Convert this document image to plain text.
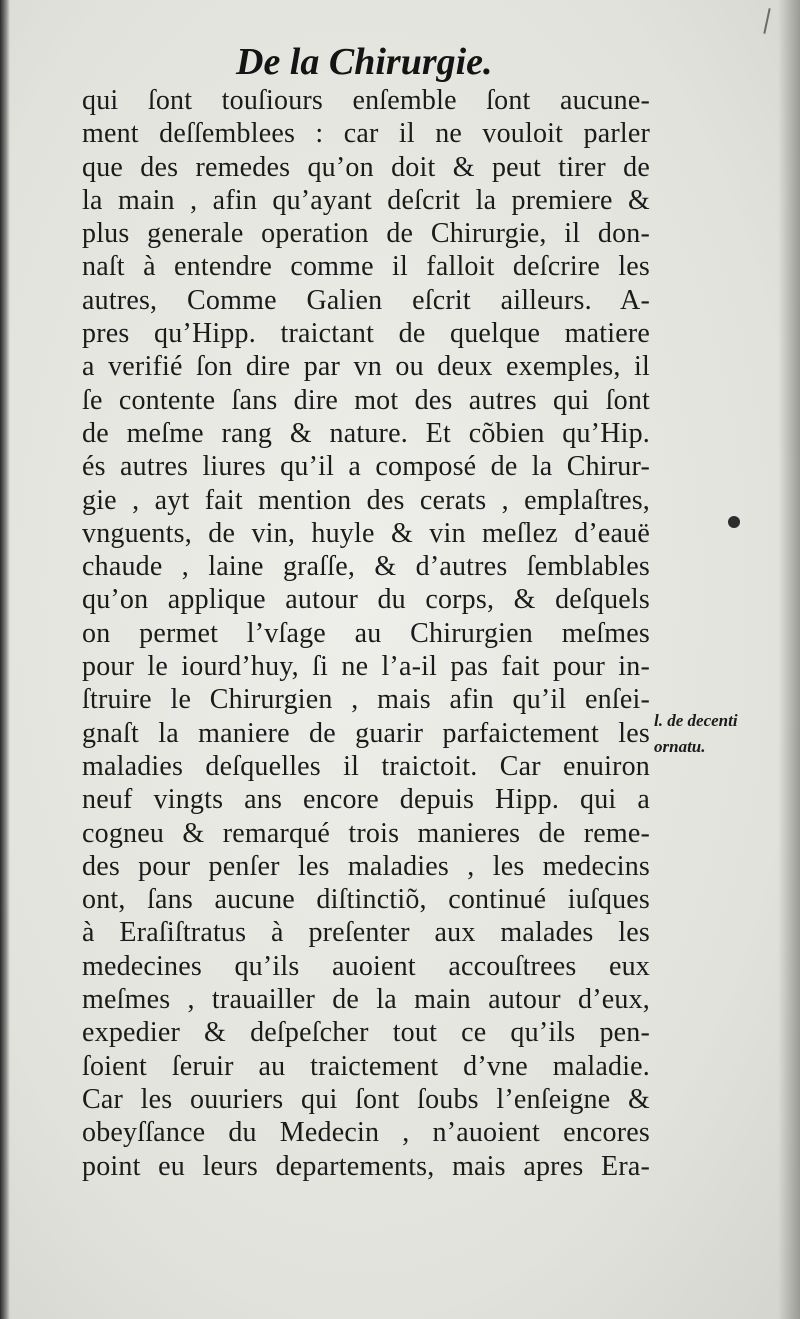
De la Chirurgie.
qui ſont touſiours enſemble ſont aucune-
ment deſſemblees : car il ne vouloit parler
que des remedes qu’on doit & peut tirer de
la main , afin qu’ayant deſcrit la premiere &
plus generale operation de Chirurgie, il don-
naſt à entendre comme il falloit deſcrire les
autres, Comme Galien eſcrit ailleurs. A-
pres qu’Hipp. traictant de quelque matiere
a verifié ſon dire par vn ou deux exemples, il
ſe contente ſans dire mot des autres qui ſont
de meſme rang & nature. Et cõbien qu’Hip.
és autres liures qu’il a composé de la Chirur-
gie , ayt fait mention des cerats , emplaſtres,
vnguents, de vin, huyle & vin meſlez d’eauë
chaude , laine graſſe, & d’autres ſemblables
qu’on applique autour du corps, & deſquels
on permet l’vſage au Chirurgien meſmes
pour le iourd’huy, ſi ne l’a-il pas fait pour in-
ſtruire le Chirurgien , mais afin qu’il enſei-
gnaſt la maniere de guarir parfaictement les
maladies deſquelles il traictoit. Car enuiron
neuf vingts ans encore depuis Hipp. qui a
cogneu & remarqué trois manieres de reme-
des pour penſer les maladies , les medecins
ont, ſans aucune diſtinctiõ, continué iuſques
à Eraſiſtratus à preſenter aux malades les
medecines qu’ils auoient accouſtrees eux
meſmes , trauailler de la main autour d’eux,
expedier & deſpeſcher tout ce qu’ils pen-
ſoient ſeruir au traictement d’vne maladie.
Car les ouuriers qui ſont ſoubs l’enſeigne &
obeyſſance du Medecin , n’auoient encores
point eu leurs departements, mais apres Era-
l. de decenti
ornatu.
